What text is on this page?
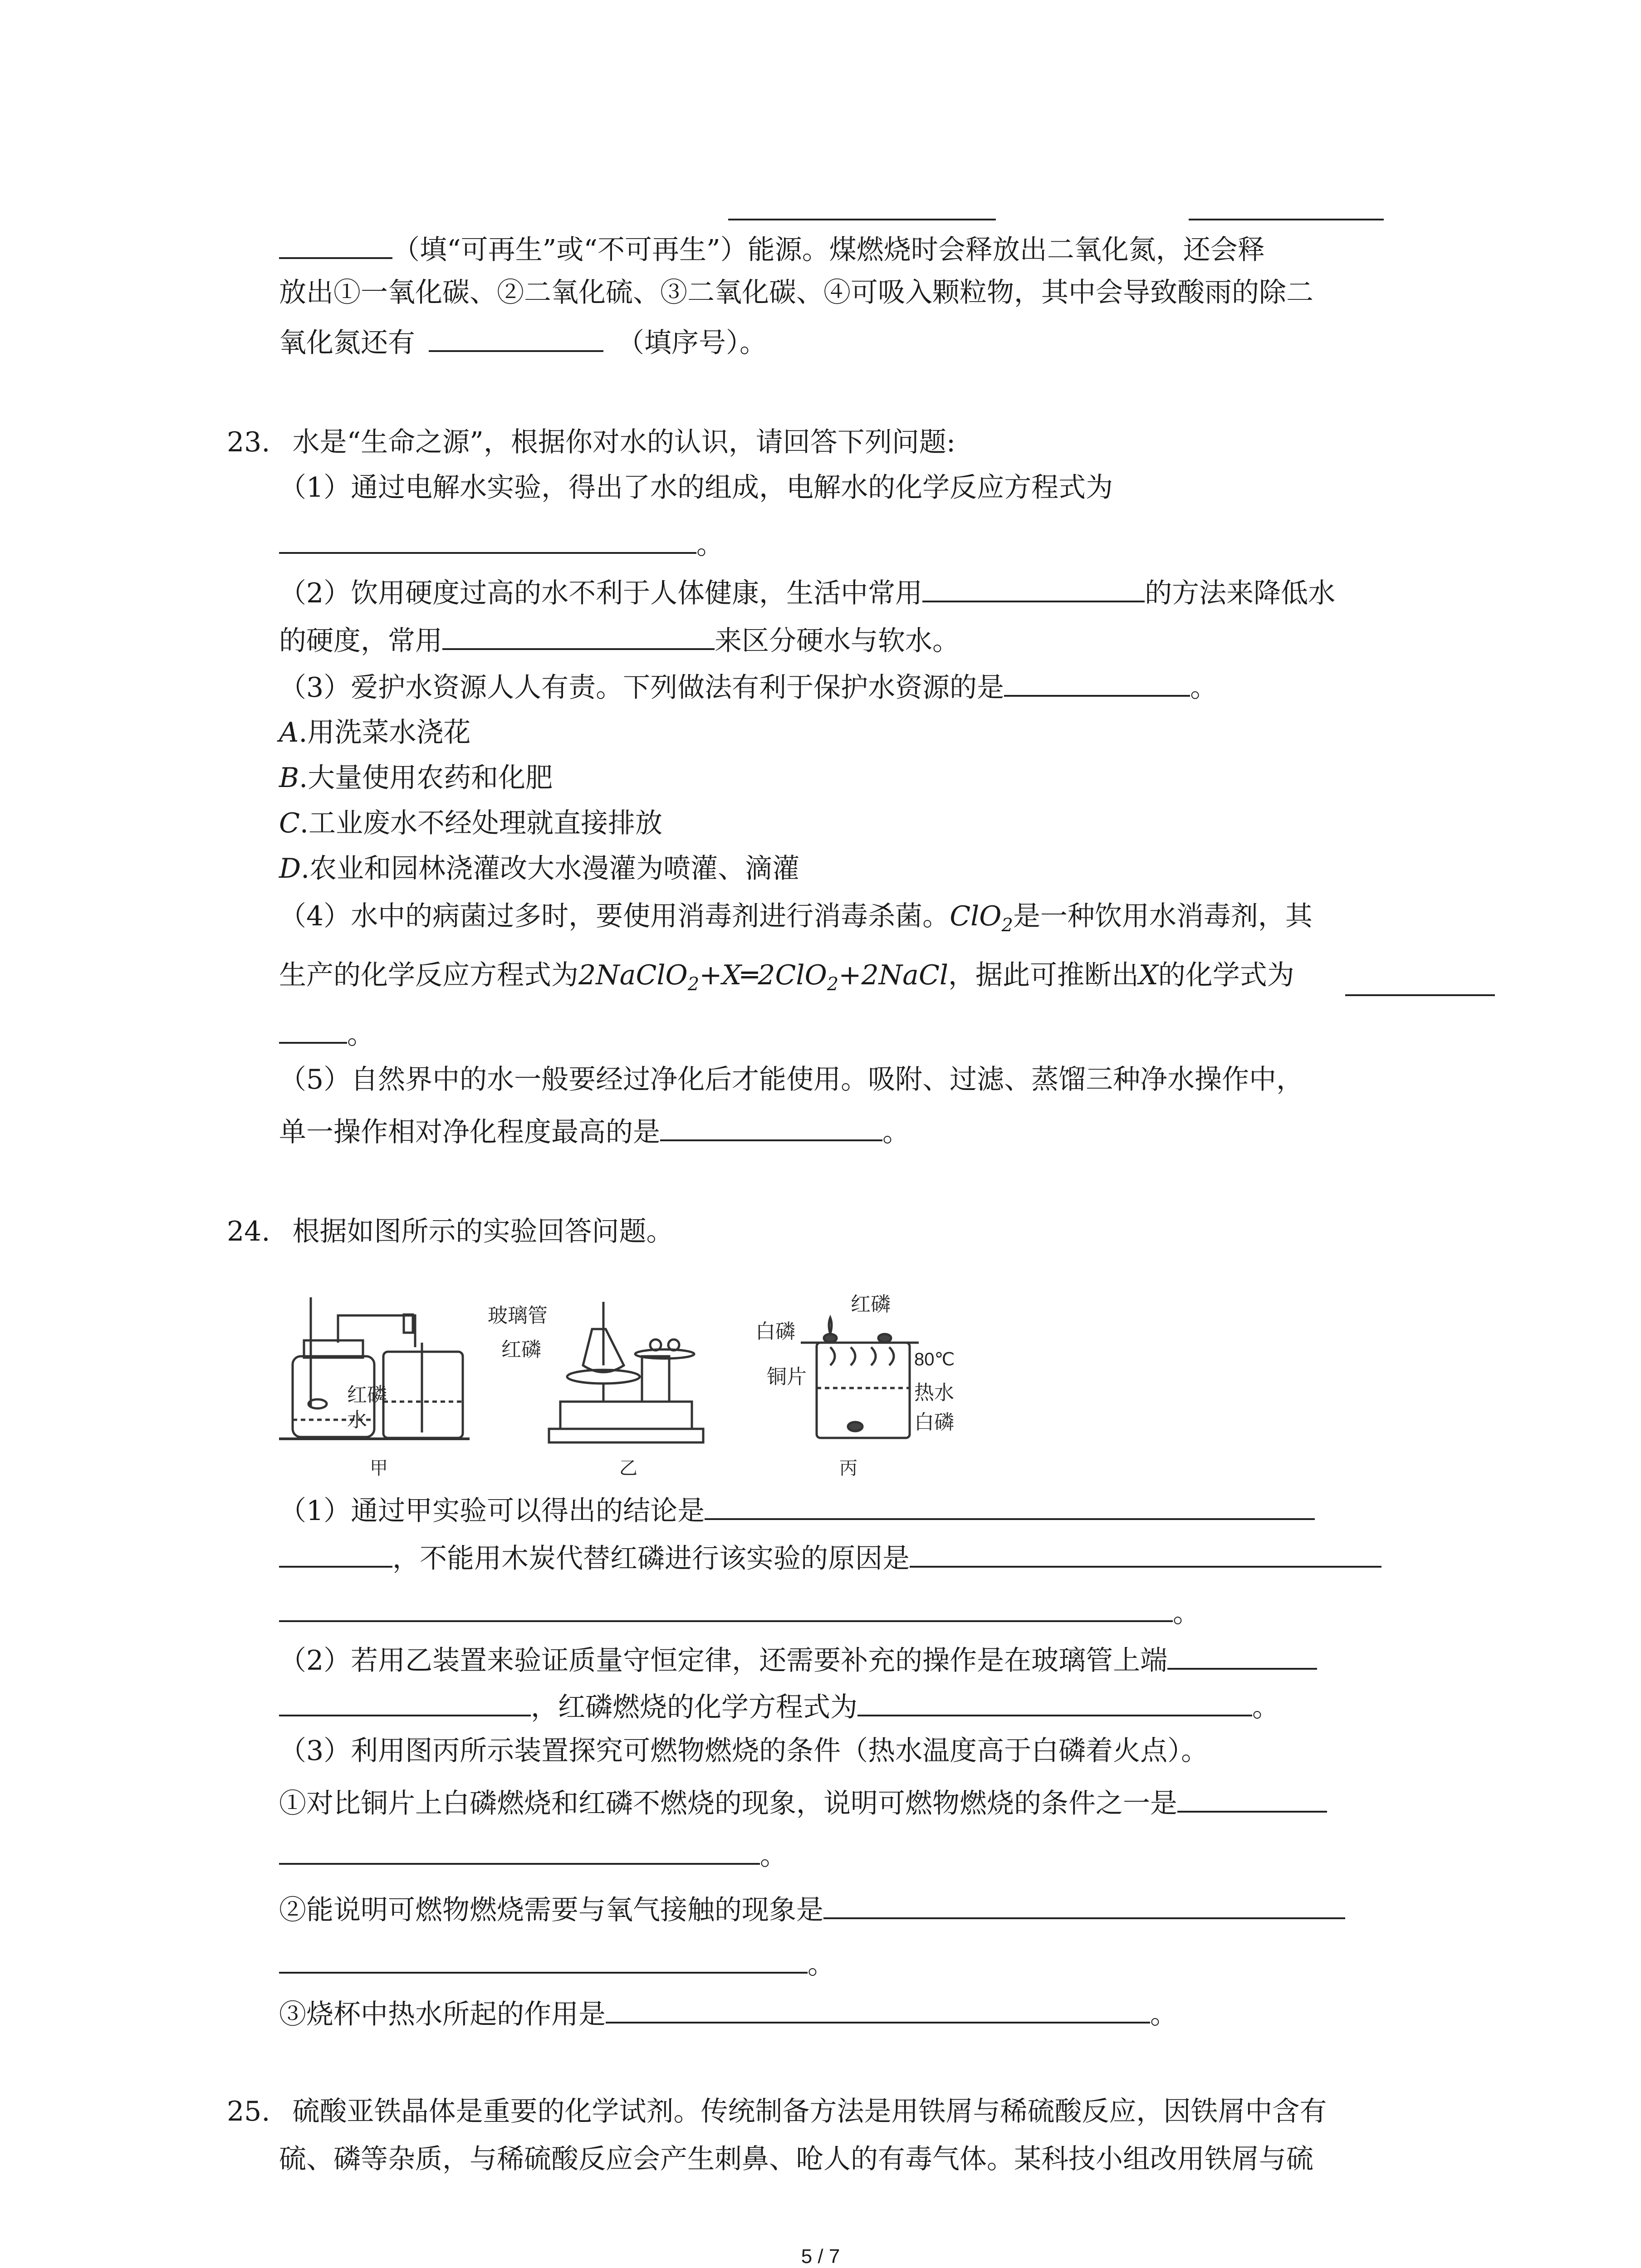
（填“可再生”或“不可再生”）能源。煤燃烧时会释放出二氧化氮，还会释
放出①一氧化碳、②二氧化硫、③二氧化碳、④可吸入颗粒物，其中会导致酸雨的除二
氧化氮还有	（填序号）。
23. 水是“生命之源”，根据你对水的认识，请回答下列问题:
（1）通过电解水实验，得出了水的组成，电解水的化学反应方程式为
。
（2）饮用硬度过高的水不利于人体健康，生活中常用	的方法来降低水
的硬度，常用	来区分硬水与软水。
（3）爱护水资源人人有责。下列做法有利于保护水资源的是	。
A.用洗菜水浇花
B.大量使用农药和化肥
C.工业废水不经处理就直接排放
D.农业和园林浇灌改大水漫灌为喷灌、滴灌
（4）水中的病菌过多时，要使用消毒剂进行消毒杀菌。ClO$_2$是一种饮用水消毒剂，其
生产的化学反应方程式为2NaClO$_2$+X═2ClO$_2$+2NaCl，据此可推断出X的化学式为
。
（5）自然界中的水一般要经过净化后才能使用。吸附、过滤、蒸馏三种净水操作中，
单一操作相对净化程度最高的是	。
24. 根据如图所示的实验回答问题。
红磷
水
甲
玻璃管
红磷
乙
红磷
白磷
铜片
80℃
热水
白磷
丙
（1）通过甲实验可以得出的结论是
，不能用木炭代替红磷进行该实验的原因是
。
（2）若用乙装置来验证质量守恒定律，还需要补充的操作是在玻璃管上端
，红磷燃烧的化学方程式为	。
（3）利用图丙所示装置探究可燃物燃烧的条件（热水温度高于白磷着火点）。
①对比铜片上白磷燃烧和红磷不燃烧的现象，说明可燃物燃烧的条件之一是
。
②能说明可燃物燃烧需要与氧气接触的现象是
。
③烧杯中热水所起的作用是	。
25. 硫酸亚铁晶体是重要的化学试剂。传统制备方法是用铁屑与稀硫酸反应，因铁屑中含有
硫、磷等杂质，与稀硫酸反应会产生刺鼻、呛人的有毒气体。某科技小组改用铁屑与硫
5 / 7
